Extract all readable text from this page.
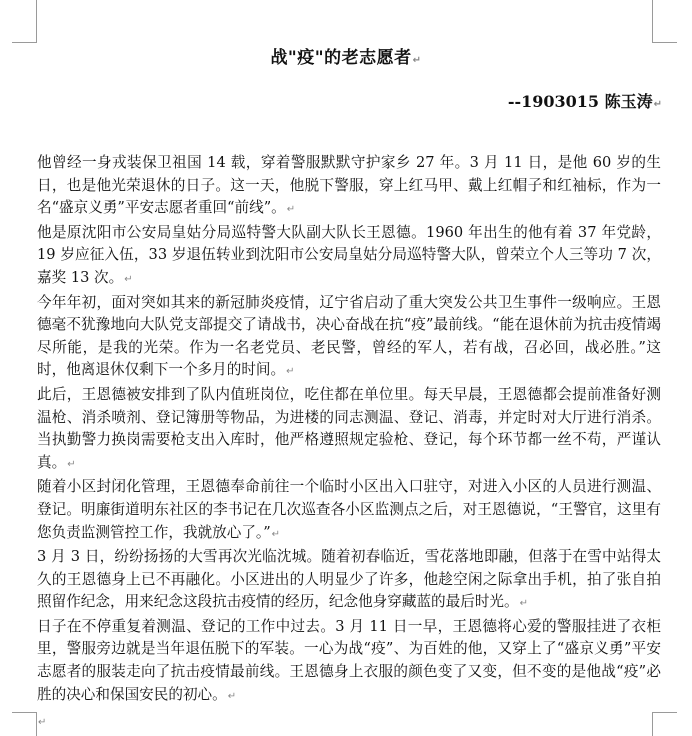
战"疫"的老志愿者↵
--1903015 陈玉涛↵

他曾经一身戎装保卫祖国 14 载，穿着警服默默守护家乡 27 年。3 月 11 日，是他 60 岁的生日，也是他光荣退休的日子。这一天，他脱下警服，穿上红马甲、戴上红帽子和红袖标，作为一名“盛京义勇”平安志愿者重回“前线”。↵

他是原沈阳市公安局皇姑分局巡特警大队副大队长王恩德。1960 年出生的他有着 37 年党龄，19 岁应征入伍，33 岁退伍转业到沈阳市公安局皇姑分局巡特警大队，曾荣立个人三等功 7 次，嘉奖 13 次。↵

今年年初，面对突如其来的新冠肺炎疫情，辽宁省启动了重大突发公共卫生事件一级响应。王恩德毫不犹豫地向大队党支部提交了请战书，决心奋战在抗“疫”最前线。“能在退休前为抗击疫情竭尽所能，是我的光荣。作为一名老党员、老民警，曾经的军人，若有战，召必回，战必胜。”这时，他离退休仅剩下一个多月的时间。↵

此后，王恩德被安排到了队内值班岗位，吃住都在单位里。每天早晨，王恩德都会提前准备好测温枪、消杀喷剂、登记簿册等物品，为进楼的同志测温、登记、消毒，并定时对大厅进行消杀。当执勤警力换岗需要枪支出入库时，他严格遵照规定验枪、登记，每个环节都一丝不苟，严谨认真。↵

随着小区封闭化管理，王恩德奉命前往一个临时小区出入口驻守，对进入小区的人员进行测温、登记。明廉街道明东社区的李书记在几次巡查各小区监测点之后，对王恩德说，“王警官，这里有您负责监测管控工作，我就放心了。”↵

3 月 3 日，纷纷扬扬的大雪再次光临沈城。随着初春临近，雪花落地即融，但落于在雪中站得太久的王恩德身上已不再融化。小区进出的人明显少了许多，他趁空闲之际拿出手机，拍了张自拍照留作纪念，用来纪念这段抗击疫情的经历，纪念他身穿藏蓝的最后时光。↵

日子在不停重复着测温、登记的工作中过去。3 月 11 日一早，王恩德将心爱的警服挂进了衣柜里，警服旁边就是当年退伍脱下的军装。一心为战“疫”、为百姓的他，又穿上了“盛京义勇”平安志愿者的服装走向了抗击疫情最前线。王恩德身上衣服的颜色变了又变，但不变的是他战“疫”必胜的决心和保国安民的初心。↵

↵
